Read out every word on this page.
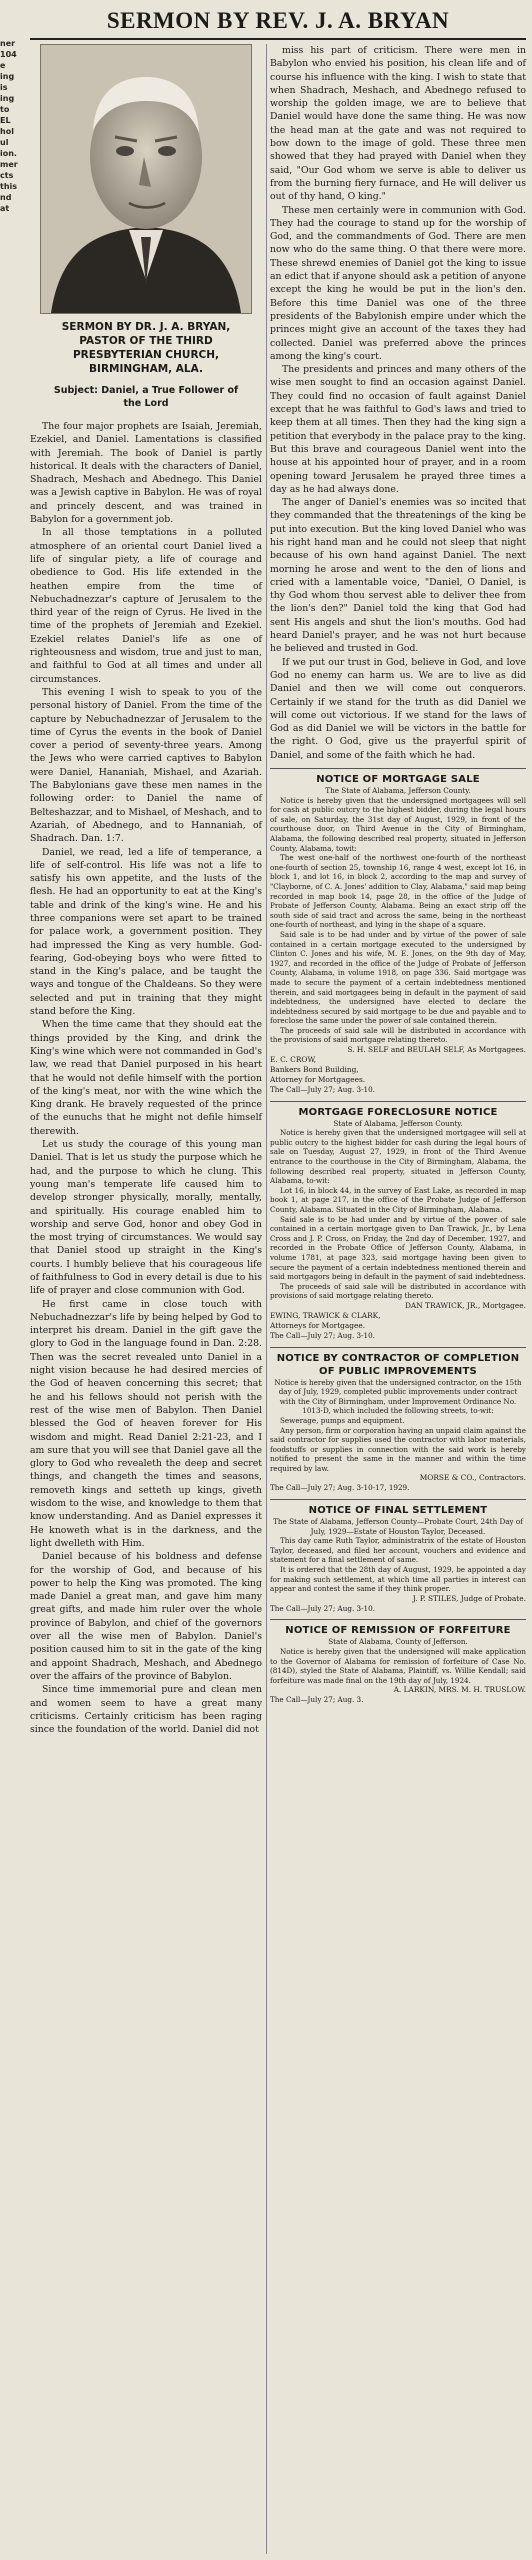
ner
104
e
ing
is
ing
to
EL
hol
ul
ion.
mer
cts
this
nd
at
SERMON BY REV. J. A. BRYAN
SERMON BY DR. J. A. BRYAN,
PASTOR OF THE THIRD
PRESBYTERIAN CHURCH,
BIRMINGHAM, ALA.
Subject: Daniel, a True Follower of
the Lord

The four major prophets are Isaiah, Jeremiah, Ezekiel, and Daniel. Lamentations is classified with Jeremiah. The book of Daniel is partly historical. It deals with the characters of Daniel, Shadrach, Meshach and Abednego. This Daniel was a Jewish captive in Babylon. He was of royal and princely descent, and was trained in Babylon for a government job.

In all those temptations in a polluted atmosphere of an oriental court Daniel lived a life of singular piety, a life of courage and obedience to God. His life extended in the heathen empire from the time of Nebuchadnezzar's capture of Jerusalem to the third year of the reign of Cyrus. He lived in the time of the prophets of Jeremiah and Ezekiel. Ezekiel relates Daniel's life as one of righteousness and wisdom, true and just to man, and faithful to God at all times and under all circumstances.

This evening I wish to speak to you of the personal history of Daniel. From the time of the capture by Nebuchadnezzar of Jerusalem to the time of Cyrus the events in the book of Daniel cover a period of seventy-three years. Among the Jews who were carried captives to Babylon were Daniel, Hananiah, Mishael, and Azariah. The Babylonians gave these men names in the following order: to Daniel the name of Belteshazzar, and to Mishael, of Meshach, and to Azariah, of Abednego, and to Hannaniah, of Shadrach. Dan. 1:7.

Daniel, we read, led a life of temperance, a life of self-control. His life was not a life to satisfy his own appetite, and the lusts of the flesh. He had an opportunity to eat at the King's table and drink of the king's wine. He and his three companions were set apart to be trained for palace work, a government position. They had impressed the King as very humble. God-fearing, God-obeying boys who were fitted to stand in the King's palace, and be taught the ways and tongue of the Chaldeans. So they were selected and put in training that they might stand before the King.

When the time came that they should eat the things provided by the King, and drink the King's wine which were not commanded in God's law, we read that Daniel purposed in his heart that he would not defile himself with the portion of the king's meat, nor with the wine which the King drank. He bravely requested of the prince of the eunuchs that he might not defile himself therewith.

Let us study the courage of this young man Daniel. That is let us study the purpose which he had, and the purpose to which he clung. This young man's temperate life caused him to develop stronger physically, morally, mentally, and spiritually. His courage enabled him to worship and serve God, honor and obey God in the most trying of circumstances. We would say that Daniel stood up straight in the King's courts. I humbly believe that his courageous life of faithfulness to God in every detail is due to his life of prayer and close communion with God.

He first came in close touch with Nebuchadnezzar's life by being helped by God to interpret his dream. Daniel in the gift gave the glory to God in the language found in Dan. 2:28. Then was the secret revealed unto Daniel in a night vision because he had desired mercies of the God of heaven concerning this secret; that he and his fellows should not perish with the rest of the wise men of Babylon. Then Daniel blessed the God of heaven forever for His wisdom and might. Read Daniel 2:21-23, and I am sure that you will see that Daniel gave all the glory to God who revealeth the deep and secret things, and changeth the times and seasons, removeth kings and setteth up kings, giveth wisdom to the wise, and knowledge to them that know understanding. And as Daniel expresses it He knoweth what is in the darkness, and the light dwelleth with Him.

Daniel because of his boldness and defense for the worship of God, and because of his power to help the King was promoted. The king made Daniel a great man, and gave him many great gifts, and made him ruler over the whole province of Babylon, and chief of the governors over all the wise men of Babylon. Daniel's position caused him to sit in the gate of the king and appoint Shadrach, Meshach, and Abednego over the affairs of the province of Babylon.

Since time immemorial pure and clean men and women seem to have a great many criticisms. Certainly criticism has been raging since the foundation of the world. Daniel did not

miss his part of criticism. There were men in Babylon who envied his position, his clean life and of course his influence with the king. I wish to state that when Shadrach, Meshach, and Abednego refused to worship the golden image, we are to believe that Daniel would have done the same thing. He was now the head man at the gate and was not required to bow down to the image of gold. These three men showed that they had prayed with Daniel when they said, "Our God whom we serve is able to deliver us from the burning fiery furnace, and He will deliver us out of thy hand, O king."

These men certainly were in communion with God. They had the courage to stand up for the worship of God, and the commandments of God. There are men now who do the same thing. O that there were more. These shrewd enemies of Daniel got the king to issue an edict that if anyone should ask a petition of anyone except the king he would be put in the lion's den. Before this time Daniel was one of the three presidents of the Babylonish empire under which the princes might give an account of the taxes they had collected. Daniel was preferred above the princes among the king's court.

The presidents and princes and many others of the wise men sought to find an occasion against Daniel. They could find no occasion of fault against Daniel except that he was faithful to God's laws and tried to keep them at all times. Then they had the king sign a petition that everybody in the palace pray to the king. But this brave and courageous Daniel went into the house at his appointed hour of prayer, and in a room opening toward Jerusalem he prayed three times a day as he had always done.

The anger of Daniel's enemies was so incited that they commanded that the threatenings of the king be put into execution. But the king loved Daniel who was his right hand man and he could not sleep that night because of his own hand against Daniel. The next morning he arose and went to the den of lions and cried with a lamentable voice, "Daniel, O Daniel, is thy God whom thou servest able to deliver thee from the lion's den?" Daniel told the king that God had sent His angels and shut the lion's mouths. God had heard Daniel's prayer, and he was not hurt because he believed and trusted in God.

If we put our trust in God, believe in God, and love God no enemy can harm us. We are to live as did Daniel and then we will come out conquerors. Certainly if we stand for the truth as did Daniel we will come out victorious. If we stand for the laws of God as did Daniel we will be victors in the battle for the right. O God, give us the prayerful spirit of Daniel, and some of the faith which he had.

NOTICE OF MORTGAGE SALE

The State of Alabama, Jefferson County.

Notice is hereby given that the undersigned mortgagees will sell for cash at public outcry to the highest bidder, during the legal hours of sale, on Saturday, the 31st day of August, 1929, in front of the courthouse door, on Third Avenue in the City of Birmingham, Alabama, the following described real property, situated in Jefferson County, Alabama, towit:

The west one-half of the northwest one-fourth of the northeast one-fourth of section 25, township 16, range 4 west, except lot 16, in block 1, and lot 16, in block 2, according to the map and survey of "Clayborne, of C. A. Jones' addition to Clay, Alabama," said map being recorded in map book 14, page 28, in the office of the Judge of Probate of Jefferson County, Alabama. Being an exact strip off the south side of said tract and across the same, being in the northeast one-fourth of northeast, and lying in the shape of a square.

Said sale is to be had under and by virtue of the power of sale contained in a certain mortgage executed to the undersigned by Clinton C. Jones and his wife, M. E. Jones, on the 9th day of May, 1927, and recorded in the office of the Judge of Probate of Jefferson County, Alabama, in volume 1918, on page 336. Said mortgage was made to secure the payment of a certain indebtedness mentioned therein, and said mortgagees being in default in the payment of said indebtedness, the undersigned have elected to declare the indebtedness secured by said mortgage to be due and payable and to foreclose the same under the power of sale contained therein.

The proceeds of said sale will be distributed in accordance with the provisions of said mortgage relating thereto.

S. H. SELF and BEULAH SELF, As Mortgagees.

E. C. CROW,

Bankers Bond Building,

Attorney for Mortgagees.

The Call—July 27; Aug. 3-10.

MORTGAGE FORECLOSURE NOTICE

State of Alabama, Jefferson County.

Notice is hereby given that the undersigned mortgagee will sell at public outcry to the highest bidder for cash during the legal hours of sale on Tuesday, August 27, 1929, in front of the Third Avenue entrance to the courthouse in the City of Birmingham, Alabama, the following described real property, situated in Jefferson County, Alabama, to-wit:

Lot 16, in block 44, in the survey of East Lake, as recorded in map book 1, at page 217, in the office of the Probate Judge of Jefferson County, Alabama. Situated in the City of Birmingham, Alabama.

Said sale is to be had under and by virtue of the power of sale contained in a certain mortgage given to Dan Trawick, Jr., by Lena Cross and J. P. Cross, on Friday, the 2nd day of December, 1927, and recorded in the Probate Office of Jefferson County, Alabama, in volume 1781, at page 323, said mortgage having been given to secure the payment of a certain indebtedness mentioned therein and said mortgagors being in default in the payment of said indebtedness.

The proceeds of said sale will be distributed in accordance with provisions of said mortgage relating thereto.

DAN TRAWICK, JR., Mortgagee.

EWING, TRAWICK & CLARK,

Attorneys for Mortgagee.

The Call—July 27; Aug. 3-10.

NOTICE BY CONTRACTOR OF COMPLETION OF PUBLIC IMPROVEMENTS

Notice is hereby given that the undersigned contractor, on the 15th day of July, 1929, completed public improvements under contract with the City of Birmingham, under Improvement Ordinance No. 1013-D, which included the following streets, to-wit:

Sewerage, pumps and equipment.

Any person, firm or corporation having an unpaid claim against the said contractor for supplies used the contractor with labor materials, foodstuffs or supplies in connection with the said work is hereby notified to present the same in the manner and within the time required by law.

MORSE & CO., Contractors.

The Call—July 27; Aug. 3-10-17, 1929.

NOTICE OF FINAL SETTLEMENT

The State of Alabama, Jefferson County—Probate Court, 24th Day of July, 1929—Estate of Houston Taylor, Deceased.

This day came Ruth Taylor, administratrix of the estate of Houston Taylor, deceased, and filed her account, vouchers and evidence and statement for a final settlement of same.

It is ordered that the 28th day of August, 1929, be appointed a day for making such settlement, at which time all parties in interest can appear and contest the same if they think proper.

J. P. STILES, Judge of Probate.

The Call—July 27; Aug. 3-10.

NOTICE OF REMISSION OF FORFEITURE

State of Alabama, County of Jefferson.

Notice is hereby given that the undersigned will make application to the Governor of Alabama for remission of forfeiture of Case No. (814D), styled the State of Alabama, Plaintiff, vs. Willie Kendall; said forfeiture was made final on the 19th day of July, 1924.

A. LARKIN, MRS. M. H. TRUSLOW.

The Call—July 27; Aug. 3.
